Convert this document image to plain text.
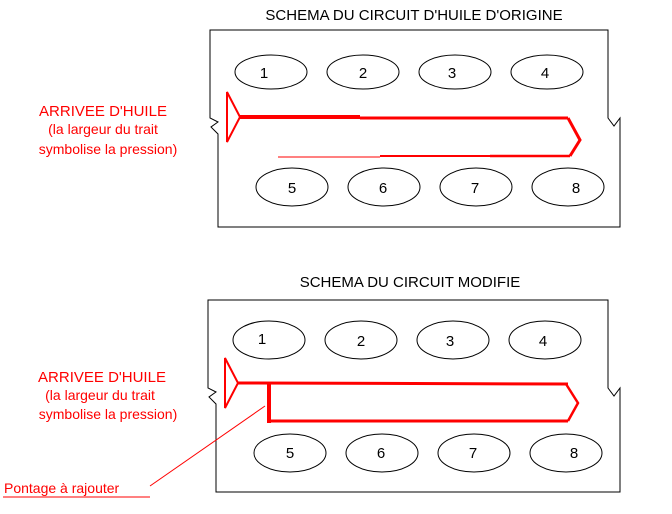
SCHEMA DU CIRCUIT D'HUILE D'ORIGINE
1	2	3	4
5	6	7	8
ARRIVEE D'HUILE
(la largeur du trait
symbolise la pression)
SCHEMA DU CIRCUIT MODIFIE
1	2	3	4
5	6	7	8
ARRIVEE D'HUILE
(la largeur du trait
symbolise la pression)
Pontage à rajouter
